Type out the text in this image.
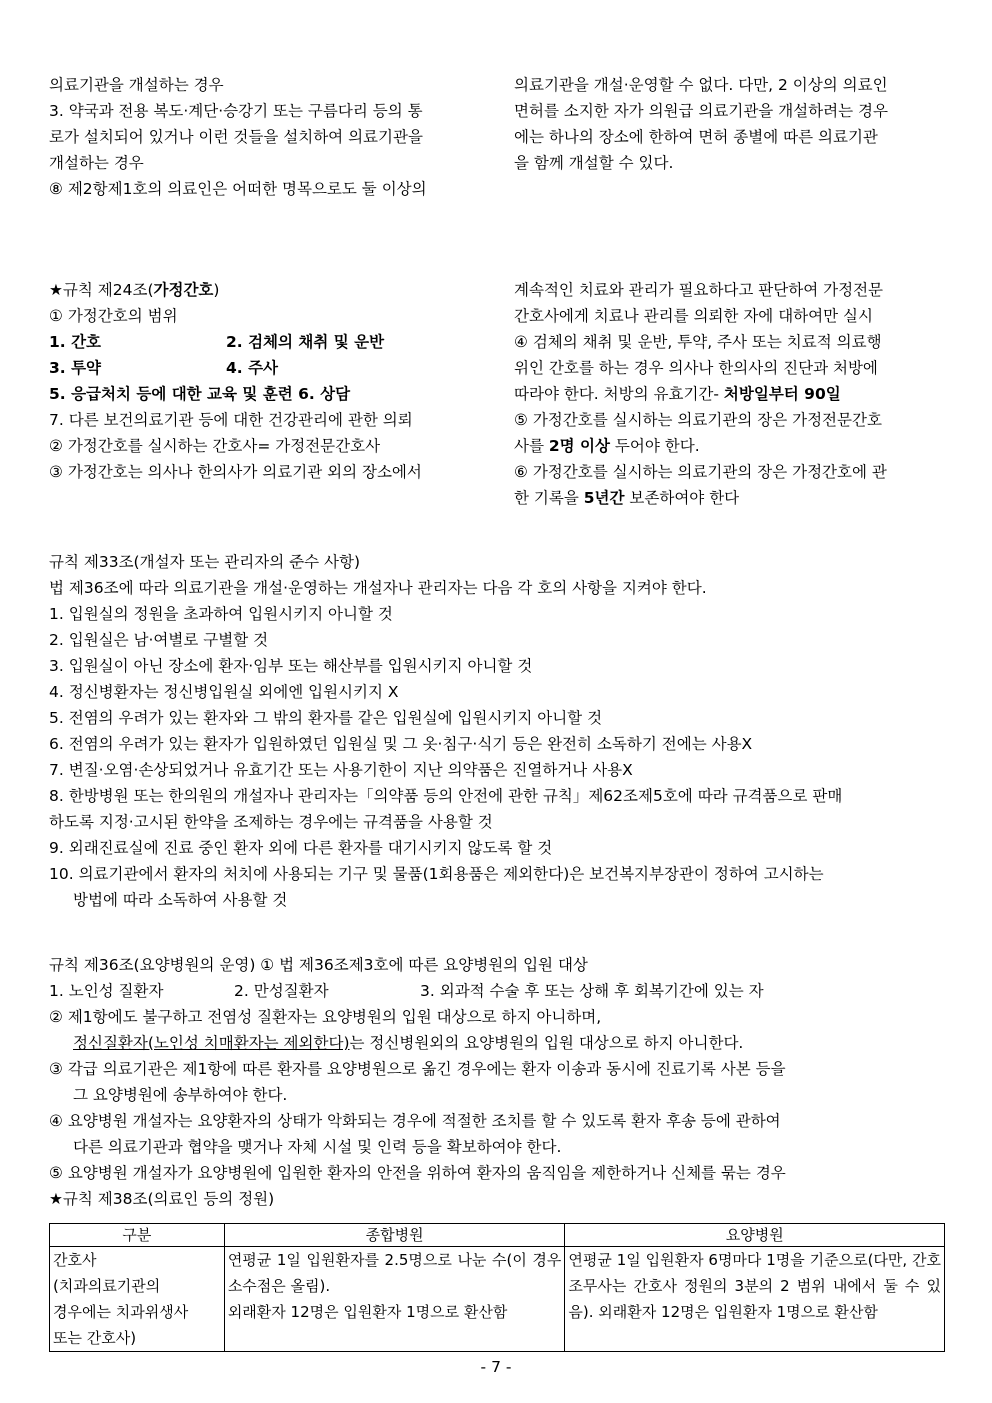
의료기관을 개설하는 경우
3. 약국과 전용 복도·계단·승강기 또는 구름다리 등의 통
로가 설치되어 있거나 이런 것들을 설치하여 의료기관을
개설하는 경우
⑧ 제2항제1호의 의료인은 어떠한 명목으로도 둘 이상의
의료기관을 개설·운영할 수 없다. 다만, 2 이상의 의료인
면허를 소지한 자가 의원급 의료기관을 개설하려는 경우
에는 하나의 장소에 한하여 면허 종별에 따른 의료기관
을 함께 개설할 수 있다.
★규칙 제24조(가정간호)
① 가정간호의 범위
1. 간호	2. 검체의 채취 및 운반
3. 투약	4. 주사
5. 응급처치 등에 대한 교육 및 훈련 6. 상담
7. 다른 보건의료기관 등에 대한 건강관리에 관한 의뢰
② 가정간호를 실시하는 간호사= 가정전문간호사
③ 가정간호는 의사나 한의사가 의료기관 외의 장소에서
계속적인 치료와 관리가 필요하다고 판단하여 가정전문
간호사에게 치료나 관리를 의뢰한 자에 대하여만 실시
④ 검체의 채취 및 운반, 투약, 주사 또는 치료적 의료행
위인 간호를 하는 경우 의사나 한의사의 진단과 처방에
따라야 한다. 처방의 유효기간- 처방일부터 90일
⑤ 가정간호를 실시하는 의료기관의 장은 가정전문간호
사를 2명 이상 두어야 한다.
⑥ 가정간호를 실시하는 의료기관의 장은 가정간호에 관
한 기록을 5년간 보존하여야 한다
규칙 제33조(개설자 또는 관리자의 준수 사항)
법 제36조에 따라 의료기관을 개설·운영하는 개설자나 관리자는 다음 각 호의 사항을 지켜야 한다.
1. 입원실의 정원을 초과하여 입원시키지 아니할 것
2. 입원실은 남·여별로 구별할 것
3. 입원실이 아닌 장소에 환자·임부 또는 해산부를 입원시키지 아니할 것
4. 정신병환자는 정신병입원실 외에엔 입원시키지 X
5. 전염의 우려가 있는 환자와 그 밖의 환자를 같은 입원실에 입원시키지 아니할 것
6. 전염의 우려가 있는 환자가 입원하였던 입원실 및 그 옷·침구·식기 등은 완전히 소독하기 전에는 사용X
7. 변질·오염·손상되었거나 유효기간 또는 사용기한이 지난 의약품은 진열하거나 사용X
8. 한방병원 또는 한의원의 개설자나 관리자는「의약품 등의 안전에 관한 규칙」제62조제5호에 따라 규격품으로 판매
하도록 지정·고시된 한약을 조제하는 경우에는 규격품을 사용할 것
9. 외래진료실에 진료 중인 환자 외에 다른 환자를 대기시키지 않도록 할 것
10. 의료기관에서 환자의 처치에 사용되는 기구 및 물품(1회용품은 제외한다)은 보건복지부장관이 정하여 고시하는
방법에 따라 소독하여 사용할 것
규칙 제36조(요양병원의 운영) ① 법 제36조제3호에 따른 요양병원의 입원 대상
1. 노인성 질환자	2. 만성질환자	3. 외과적 수술 후 또는 상해 후 회복기간에 있는 자
② 제1항에도 불구하고 전염성 질환자는 요양병원의 입원 대상으로 하지 아니하며,
정신질환자(노인성 치매환자는 제외한다)는 정신병원외의 요양병원의 입원 대상으로 하지 아니한다.
③ 각급 의료기관은 제1항에 따른 환자를 요양병원으로 옮긴 경우에는 환자 이송과 동시에 진료기록 사본 등을
그 요양병원에 송부하여야 한다.
④ 요양병원 개설자는 요양환자의 상태가 악화되는 경우에 적절한 조치를 할 수 있도록 환자 후송 등에 관하여
다른 의료기관과 협약을 맺거나 자체 시설 및 인력 등을 확보하여야 한다.
⑤ 요양병원 개설자가 요양병원에 입원한 환자의 안전을 위하여 환자의 움직임을 제한하거나 신체를 묶는 경우
★규칙 제38조(의료인 등의 정원)
구분	종합병원	요양병원
간호사
(치과의료기관의
경우에는 치과위생사
또는 간호사)	연평균 1일 입원환자를 2.5명으로 나눈 수(이 경우 소수점은 올림).
외래환자 12명은 입원환자 1명으로 환산함	연평균 1일 입원환자 6명마다 1명을 기준으로(다만, 간호조무사는 간호사 정원의 3분의 2 범위 내에서 둘 수 있음). 외래환자 12명은 입원환자 1명으로 환산함
- 7 -
